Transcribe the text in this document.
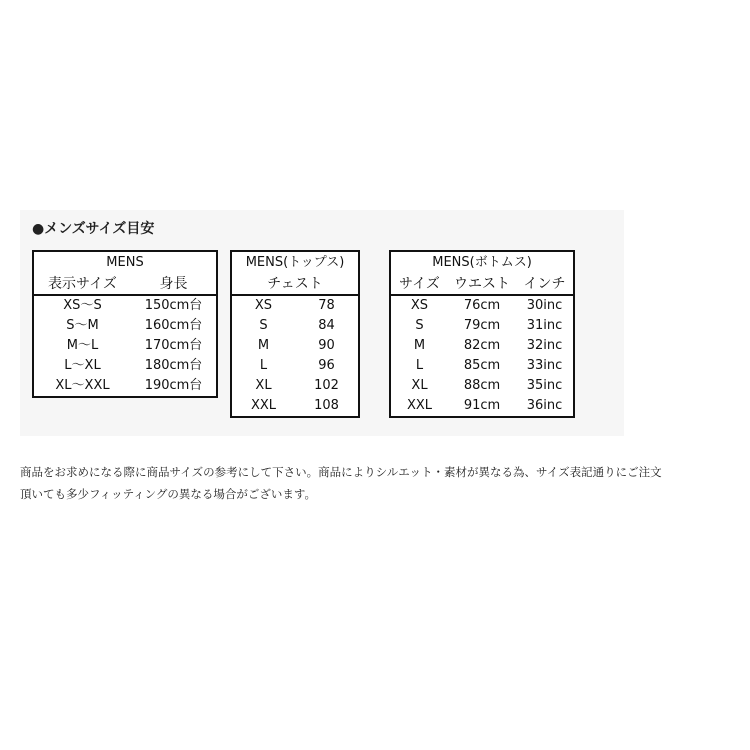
●メンズサイズ目安
MENS	
表示サイズ	身長
XS〜S	150cm台
S〜M	160cm台
M〜L	170cm台
L〜XL	180cm台
XL〜XXL	190cm台
MENS(トップス)	
チェスト	
XS	78
S	84
M	90
L	96
XL	102
XXL	108
MENS(ボトムス)		
サイズ	ウエスト	インチ
XS	76cm	30inc
S	79cm	31inc
M	82cm	32inc
L	85cm	33inc
XL	88cm	35inc
XXL	91cm	36inc
商品をお求めになる際に商品サイズの参考にして下さい。商品によりシルエット・素材が異なる為、サイズ表記通りにご注文
頂いても多少フィッティングの異なる場合がございます。
